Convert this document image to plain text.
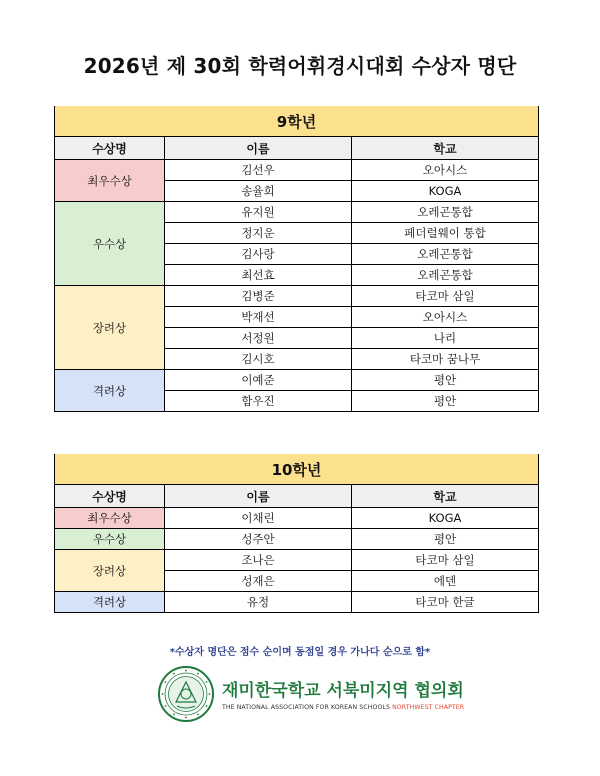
2026년 제 30회 학력어휘경시대회 수상자 명단
9학년		
수상명	이름	학교
최우수상	김선우	오아시스
	송율희	KOGA
우수상	유지원	오레곤통합
	정지운	페더럴웨이 통합
	김사랑	오레곤통합
	최선효	오레곤통합
장려상	김병준	타코마 삼일
	박재선	오아시스
	서정원	나리
	김시호	타코마 꿈나무
격려상	이예준	평안
	함우진	평안
10학년		
수상명	이름	학교
최우수상	이채린	KOGA
우수상	성주안	평안
장려상	조나은	타코마 삼일
	성재은	에덴
격려상	유정	타코마 한글
*수상자 명단은 점수 순이며 동점일 경우 가나다 순으로 함*
재미한국학교 서북미지역 협의회
THE NATIONAL ASSOCIATION FOR KOREAN SCHOOLS NORTHWEST CHAPTER
